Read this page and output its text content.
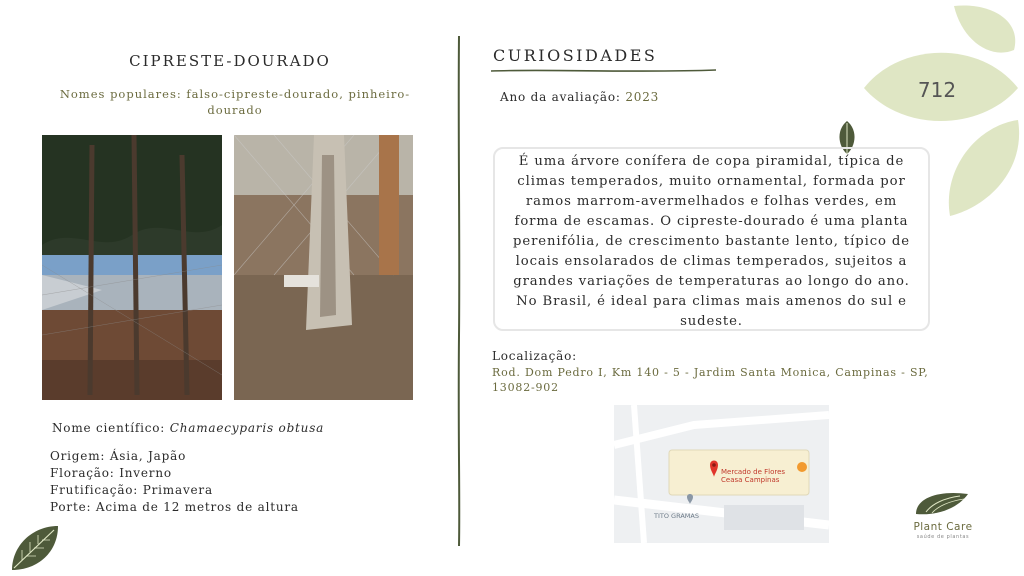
CIPRESTE-DOURADO
Nomes populares: falso-cipreste-dourado, pinheiro-dourado
Nome científico: Chamaecyparis obtusa
Origem: Ásia, Japão
Floração: Inverno
Frutificação: Primavera
Porte: Acima de 12 metros de altura
CURIOSIDADES
Ano da avaliação: 2023	712
É uma árvore conífera de copa piramidal, típica de climas temperados, muito ornamental, formada por ramos marrom-avermelhados e folhas verdes, em forma de escamas. O cipreste-dourado é uma planta perenifólia, de crescimento bastante lento, típico de locais ensolarados de climas temperados, sujeitos a grandes variações de temperaturas ao longo do ano. No Brasil, é ideal para climas mais amenos do sul e sudeste.
Localização:
Rod. Dom Pedro I, Km 140 - 5 - Jardim Santa Monica, Campinas - SP, 13082-902
Mercado de Flores
Ceasa Campinas
TITO GRAMAS
Plant Care
saúde de plantas
